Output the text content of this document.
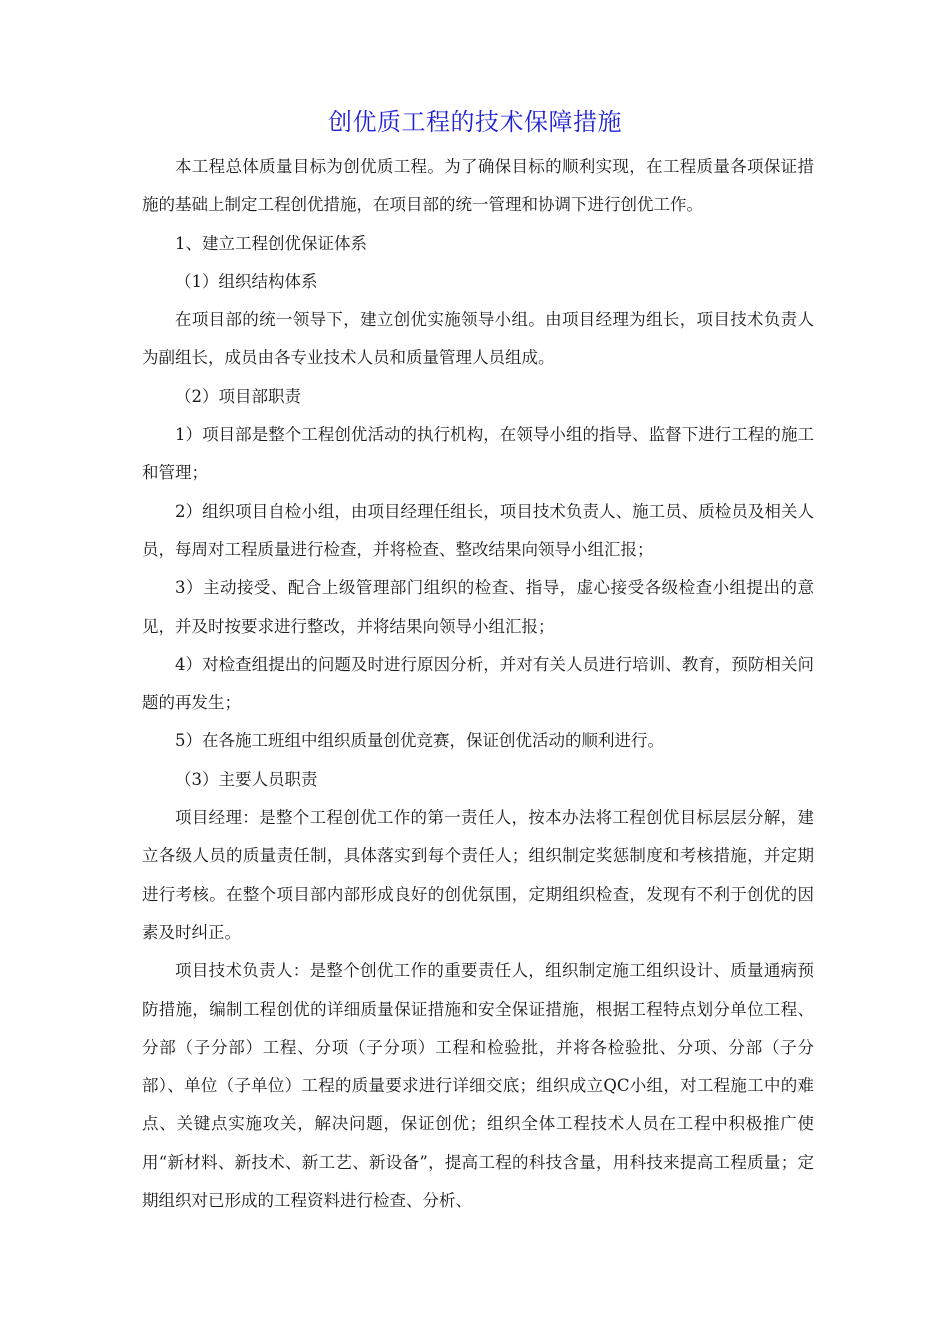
创优质工程的技术保障措施

本工程总体质量目标为创优质工程。为了确保目标的顺利实现，在工程质量各项保证措施的基础上制定工程创优措施，在项目部的统一管理和协调下进行创优工作。

1、建立工程创优保证体系

（1）组织结构体系

在项目部的统一领导下，建立创优实施领导小组。由项目经理为组长，项目技术负责人为副组长，成员由各专业技术人员和质量管理人员组成。

（2）项目部职责

1）项目部是整个工程创优活动的执行机构，在领导小组的指导、监督下进行工程的施工和管理；

2）组织项目自检小组，由项目经理任组长，项目技术负责人、施工员、质检员及相关人员，每周对工程质量进行检查，并将检查、整改结果向领导小组汇报；

3）主动接受、配合上级管理部门组织的检查、指导，虚心接受各级检查小组提出的意见，并及时按要求进行整改，并将结果向领导小组汇报；

4）对检查组提出的问题及时进行原因分析，并对有关人员进行培训、教育，预防相关问题的再发生；

5）在各施工班组中组织质量创优竞赛，保证创优活动的顺利进行。

（3）主要人员职责

项目经理：是整个工程创优工作的第一责任人，按本办法将工程创优目标层层分解，建立各级人员的质量责任制，具体落实到每个责任人；组织制定奖惩制度和考核措施，并定期进行考核。在整个项目部内部形成良好的创优氛围，定期组织检查，发现有不利于创优的因素及时纠正。

项目技术负责人：是整个创优工作的重要责任人，组织制定施工组织设计、质量通病预防措施，编制工程创优的详细质量保证措施和安全保证措施，根据工程特点划分单位工程、分部（子分部）工程、分项（子分项）工程和检验批，并将各检验批、分项、分部（子分部）、单位（子单位）工程的质量要求进行详细交底；组织成立QC小组，对工程施工中的难点、关键点实施攻关，解决问题，保证创优；组织全体工程技术人员在工程中积极推广使用“新材料、新技术、新工艺、新设备”，提高工程的科技含量，用科技来提高工程质量；定期组织对已形成的工程资料进行检查、分析、
